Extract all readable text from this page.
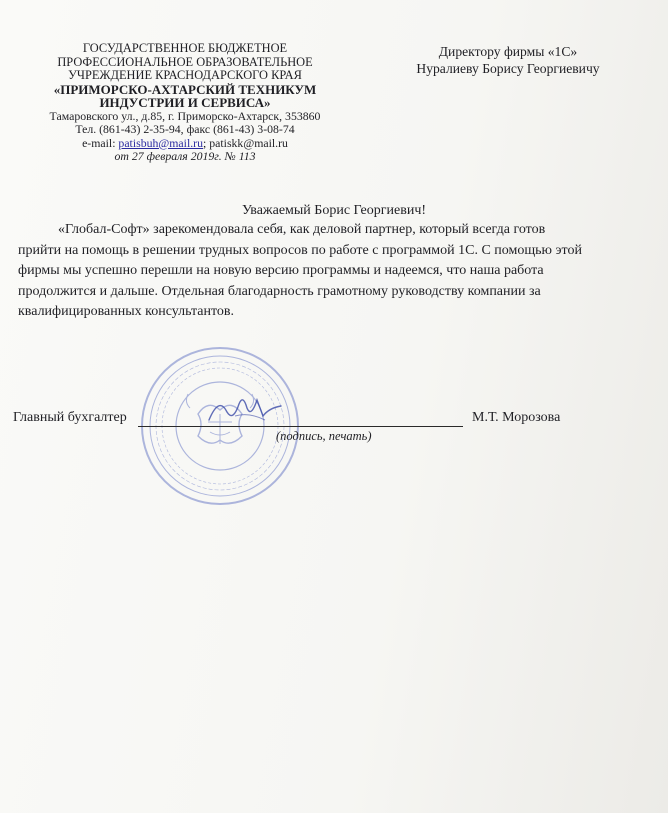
ГОСУДАРСТВЕННОЕ БЮДЖЕТНОЕ
ПРОФЕССИОНАЛЬНОЕ ОБРАЗОВАТЕЛЬНОЕ
УЧРЕЖДЕНИЕ КРАСНОДАРСКОГО КРАЯ
«ПРИМОРСКО-АХТАРСКИЙ ТЕХНИКУМ
ИНДУСТРИИ И СЕРВИСА»
Тамаровского ул., д.85, г. Приморско-Ахтарск, 353860
Тел. (861-43) 2-35-94, факс (861-43) 3-08-74
e-mail: patisbuh@mail.ru; patiskk@mail.ru
от 27 февраля 2019г. № 113
Директору фирмы «1С»
Нуралиеву Борису Георгиевичу
Уважаемый Борис Георгиевич!

«Глобал-Софт» зарекомендовала себя, как деловой партнер, который всегда готов

прийти на помощь в решении трудных вопросов по работе с программой 1С. С помощью этой

фирмы мы успешно перешли на новую версию программы и надеемся, что наша работа

продолжится и дальше. Отдельная благодарность грамотному руководству компании за

квалифицированных консультантов.

Главный бухгалтер	М.Т. Морозова
(подпись, печать)
